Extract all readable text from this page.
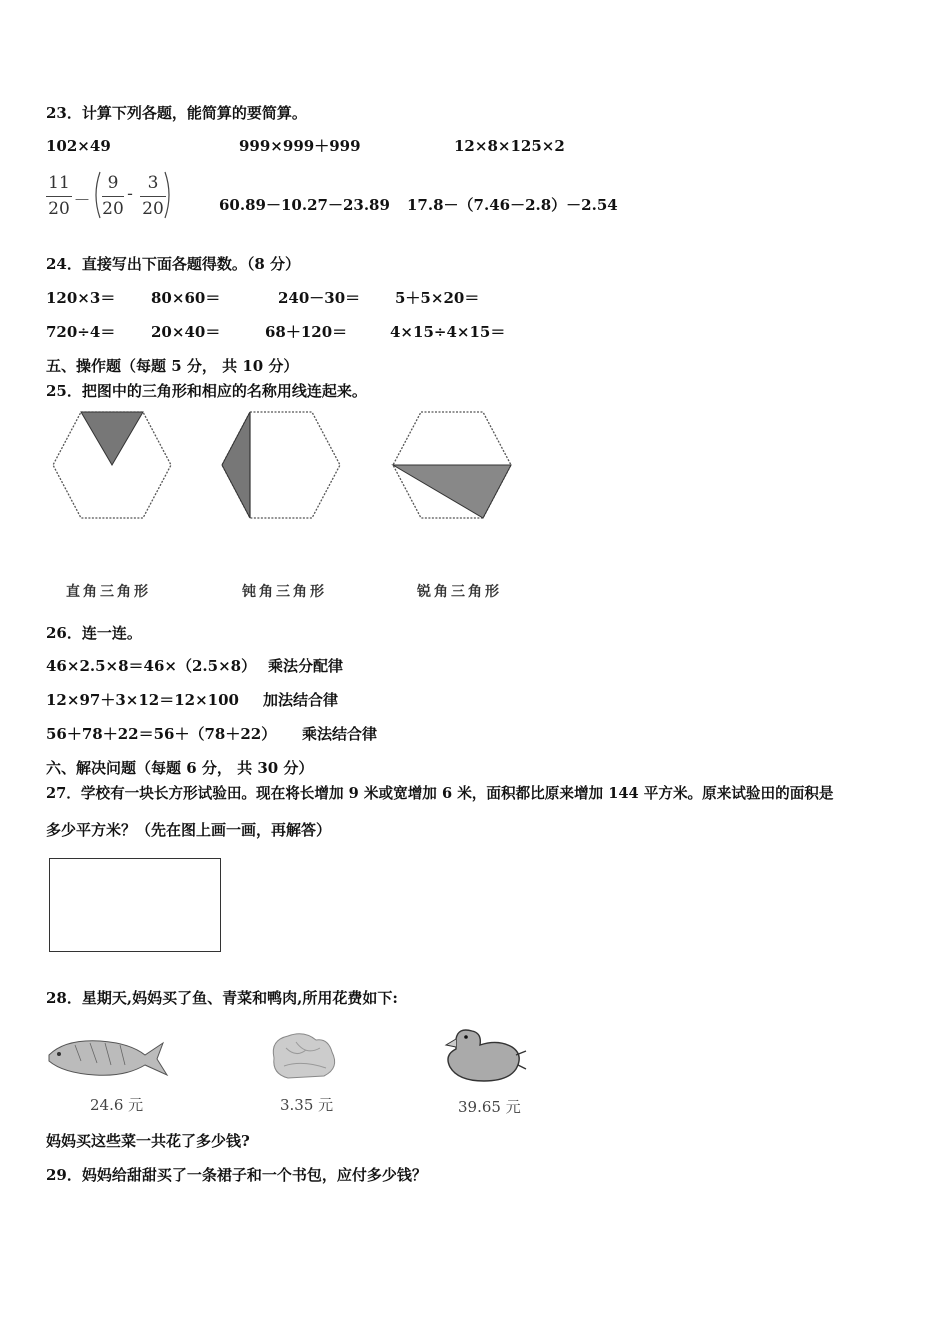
23．计算下列各题，能简算的要简算。
102×49	999×999＋999	12×8×125×2
11
20 －
9
20
-
3
20	60.89－10.27－23.89 17.8－（7.46－2.8）－2.54
24．直接写出下面各题得数。（8 分）
120×3＝ 80×60＝	240－30＝ 5＋5×20＝
720÷4＝ 20×40＝	68＋120＝	4×15÷4×15＝
五、操作题（每题 5 分， 共 10 分）
25．把图中的三角形和相应的名称用线连起来。
直角三角形	钝角三角形	锐角三角形
26．连一连。
46×2.5×8＝46×（2.5×8） 乘法分配律
12×97＋3×12＝12×100 加法结合律
56＋78＋22＝56＋（78＋22） 乘法结合律
六、解决问题（每题 6 分， 共 30 分）
27．学校有一块长方形试验田。现在将长增加 9 米或宽增加 6 米，面积都比原来增加 144 平方米。原来试验田的面积是
多少平方米？（先在图上画一画，再解答）
28．星期天,妈妈买了鱼、青菜和鸭肉,所用花费如下:
24.6 元	3.35 元	39.65 元
妈妈买这些菜一共花了多少钱?
29．妈妈给甜甜买了一条裙子和一个书包，应付多少钱？
